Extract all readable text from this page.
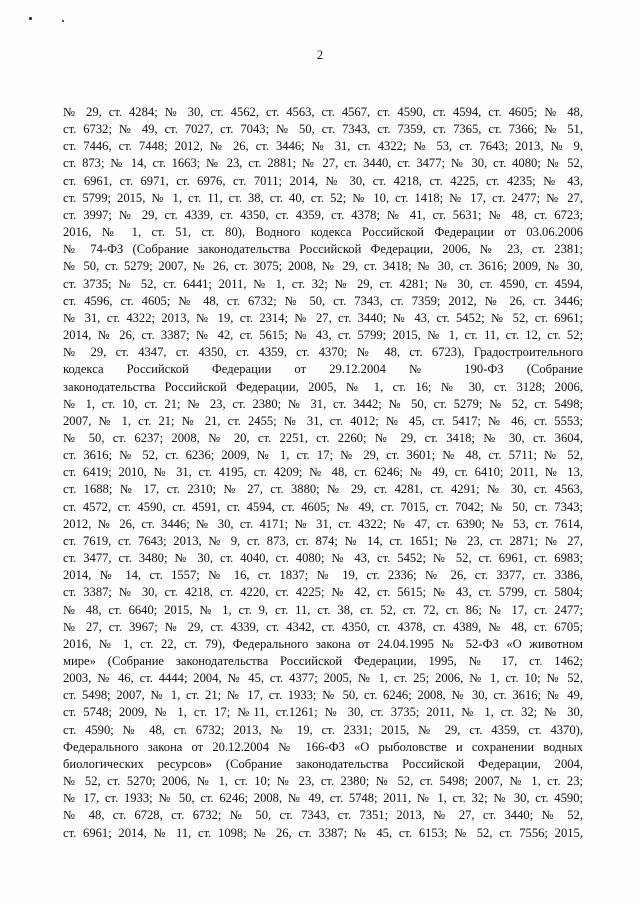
2
№ 29, ст. 4284; № 30, ст. 4562, ст. 4563, ст. 4567, ст. 4590, ст. 4594, ст. 4605; № 48,
ст. 6732; № 49, ст. 7027, ст. 7043; № 50, ст. 7343, ст. 7359, ст. 7365, ст. 7366; № 51,
ст. 7446, ст. 7448; 2012, № 26, ст. 3446; № 31, ст. 4322; № 53, ст. 7643; 2013, № 9,
ст. 873; № 14, ст. 1663; № 23, ст. 2881; № 27, ст. 3440, ст. 3477; № 30, ст. 4080; № 52,
ст. 6961, ст. 6971, ст. 6976, ст. 7011; 2014, № 30, ст. 4218, ст. 4225, ст. 4235; № 43,
ст. 5799; 2015, № 1, ст. 11, ст. 38, ст. 40, ст. 52; № 10, ст. 1418; № 17, ст. 2477; № 27,
ст. 3997; № 29, ст. 4339, ст. 4350, ст. 4359, ст. 4378; № 41, ст. 5631; № 48, ст. 6723;
2016, № 1, ст. 51, ст. 80), Водного кодекса Российской Федерации от 03.06.2006
№ 74-ФЗ (Собрание законодательства Российской Федерации, 2006, № 23, ст. 2381;
№ 50, ст. 5279; 2007, № 26, ст. 3075; 2008, № 29, ст. 3418; № 30, ст. 3616; 2009, № 30,
ст. 3735; № 52, ст. 6441; 2011, № 1, ст. 32; № 29, ст. 4281; № 30, ст. 4590, ст. 4594,
ст. 4596, ст. 4605; № 48, ст. 6732; № 50, ст. 7343, ст. 7359; 2012, № 26, ст. 3446;
№ 31, ст. 4322; 2013, № 19, ст. 2314; № 27, ст. 3440; № 43, ст. 5452; № 52, ст. 6961;
2014, № 26, ст. 3387; № 42, ст. 5615; № 43, ст. 5799; 2015, № 1, ст. 11, ст. 12, ст. 52;
№ 29, ст. 4347, ст. 4350, ст. 4359, ст. 4370; № 48, ст. 6723), Градостроительного
кодекса Российской Федерации от 29.12.2004 № 190-ФЗ (Собрание
законодательства Российской Федерации, 2005, № 1, ст. 16; № 30, ст. 3128; 2006,
№ 1, ст. 10, ст. 21; № 23, ст. 2380; № 31, ст. 3442; № 50, ст. 5279; № 52, ст. 5498;
2007, № 1, ст. 21; № 21, ст. 2455; № 31, ст. 4012; № 45, ст. 5417; № 46, ст. 5553;
№ 50, ст. 6237; 2008, № 20, ст. 2251, ст. 2260; № 29, ст. 3418; № 30, ст. 3604,
ст. 3616; № 52, ст. 6236; 2009, № 1, ст. 17; № 29, ст. 3601; № 48, ст. 5711; № 52,
ст. 6419; 2010, № 31, ст. 4195, ст. 4209; № 48, ст. 6246; № 49, ст. 6410; 2011, № 13,
ст. 1688; № 17, ст. 2310; № 27, ст. 3880; № 29, ст. 4281, ст. 4291; № 30, ст. 4563,
ст. 4572, ст. 4590, ст. 4591, ст. 4594, ст. 4605; № 49, ст. 7015, ст. 7042; № 50, ст. 7343;
2012, № 26, ст. 3446; № 30, ст. 4171; № 31, ст. 4322; № 47, ст. 6390; № 53, ст. 7614,
ст. 7619, ст. 7643; 2013, № 9, ст. 873, ст. 874; № 14, ст. 1651; № 23, ст. 2871; № 27,
ст. 3477, ст. 3480; № 30, ст. 4040, ст. 4080; № 43, ст. 5452; № 52, ст. 6961, ст. 6983;
2014, № 14, ст. 1557; № 16, ст. 1837; № 19, ст. 2336; № 26, ст. 3377, ст. 3386,
ст. 3387; № 30, ст. 4218, ст. 4220, ст. 4225; № 42, ст. 5615; № 43, ст. 5799, ст. 5804;
№ 48, ст. 6640; 2015, № 1, ст. 9, ст. 11, ст. 38, ст. 52, ст. 72, ст. 86; № 17, ст. 2477;
№ 27, ст. 3967; № 29, ст. 4339, ст. 4342, ст. 4350, ст. 4378, ст. 4389, № 48, ст. 6705;
2016, № 1, ст. 22, ст. 79), Федерального закона от 24.04.1995 № 52-ФЗ «О животном
мире» (Собрание законодательства Российской Федерации, 1995, № 17, ст. 1462;
2003, № 46, ст. 4444; 2004, № 45, ст. 4377; 2005, № 1, ст. 25; 2006, № 1, ст. 10; № 52,
ст. 5498; 2007, № 1, ст. 21; № 17, ст. 1933; № 50, ст. 6246; 2008, № 30, ст. 3616; № 49,
ст. 5748; 2009, № 1, ст. 17; №11, ст.1261; № 30, ст. 3735; 2011, № 1, ст. 32; № 30,
ст. 4590; № 48, ст. 6732; 2013, № 19, ст. 2331; 2015, № 29, ст. 4359, ст. 4370),
Федерального закона от 20.12.2004 № 166-ФЗ «О рыболовстве и сохранении водных
биологических ресурсов» (Собрание законодательства Российской Федерации, 2004,
№ 52, ст. 5270; 2006, № 1, ст. 10; № 23, ст. 2380; № 52, ст. 5498; 2007, № 1, ст. 23;
№ 17, ст. 1933; № 50, ст. 6246; 2008, № 49, ст. 5748; 2011, № 1, ст. 32; № 30, ст. 4590;
№ 48, ст. 6728, ст. 6732; № 50, ст. 7343, ст. 7351; 2013, № 27, ст. 3440; № 52,
ст. 6961; 2014, № 11, ст. 1098; № 26, ст. 3387; № 45, ст. 6153; № 52, ст. 7556; 2015,
